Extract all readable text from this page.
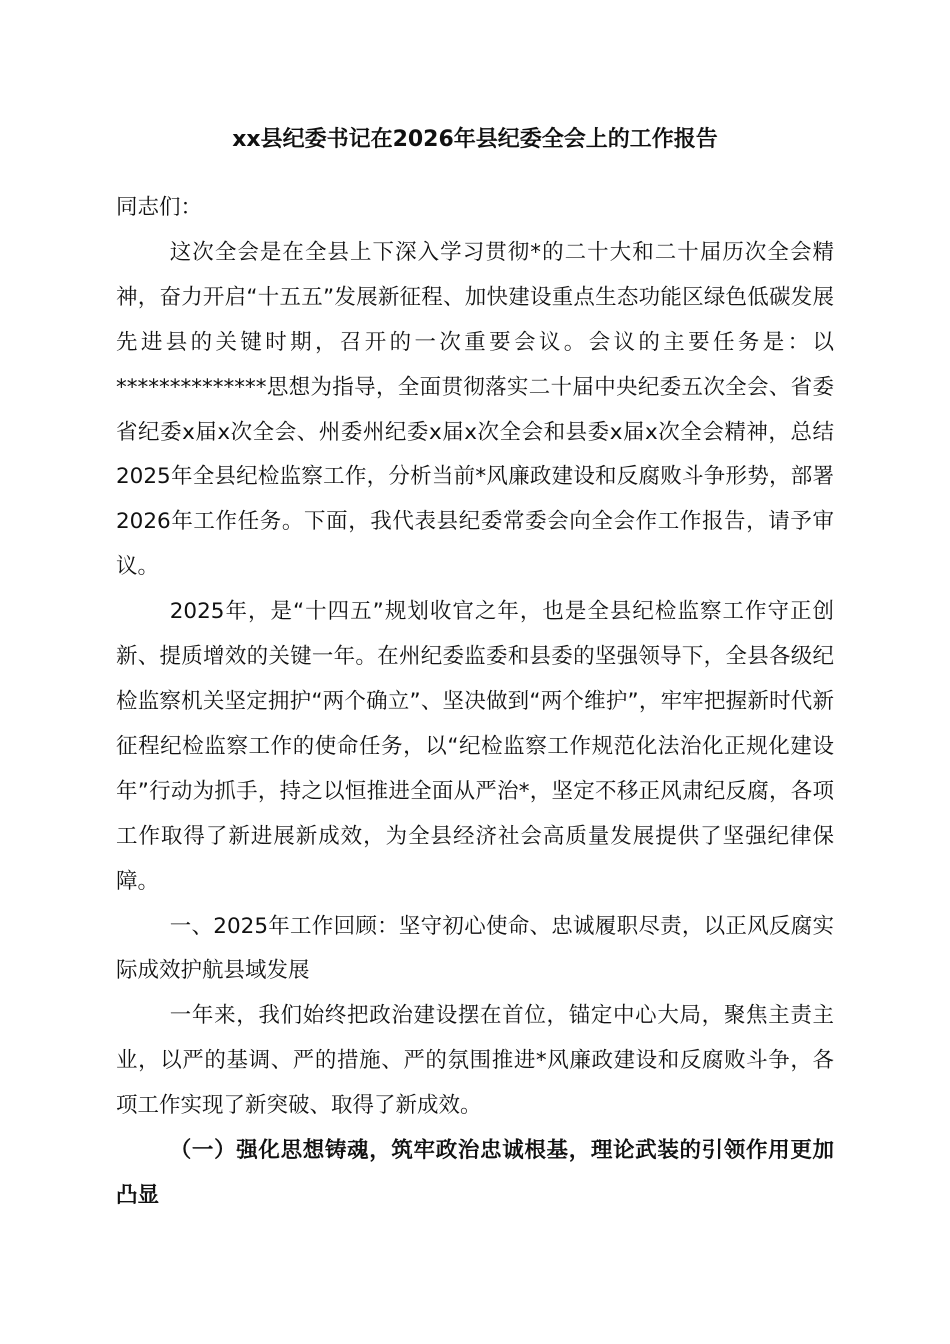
xx县纪委书记在2026年县纪委全会上的工作报告

同志们：

这次全会是在全县上下深入学习贯彻*的二十大和二十届历次全会精神，奋力开启“十五五”发展新征程、加快建设重点生态功能区绿色低碳发展先进县的关键时期，召开的一次重要会议。会议的主要任务是：以**************思想为指导，全面贯彻落实二十届中央纪委五次全会、省委省纪委x届x次全会、州委州纪委x届x次全会和县委x届x次全会精神，总结2025年全县纪检监察工作，分析当前*风廉政建设和反腐败斗争形势，部署2026年工作任务。下面，我代表县纪委常委会向全会作工作报告，请予审议。

2025年，是“十四五”规划收官之年，也是全县纪检监察工作守正创新、提质增效的关键一年。在州纪委监委和县委的坚强领导下，全县各级纪检监察机关坚定拥护“两个确立”、坚决做到“两个维护”，牢牢把握新时代新征程纪检监察工作的使命任务，以“纪检监察工作规范化法治化正规化建设年”行动为抓手，持之以恒推进全面从严治*，坚定不移正风肃纪反腐，各项工作取得了新进展新成效，为全县经济社会高质量发展提供了坚强纪律保障。

一、2025年工作回顾：坚守初心使命、忠诚履职尽责，以正风反腐实际成效护航县域发展

一年来，我们始终把政治建设摆在首位，锚定中心大局，聚焦主责主业，以严的基调、严的措施、严的氛围推进*风廉政建设和反腐败斗争，各项工作实现了新突破、取得了新成效。

（一）强化思想铸魂，筑牢政治忠诚根基，理论武装的引领作用更加凸显
